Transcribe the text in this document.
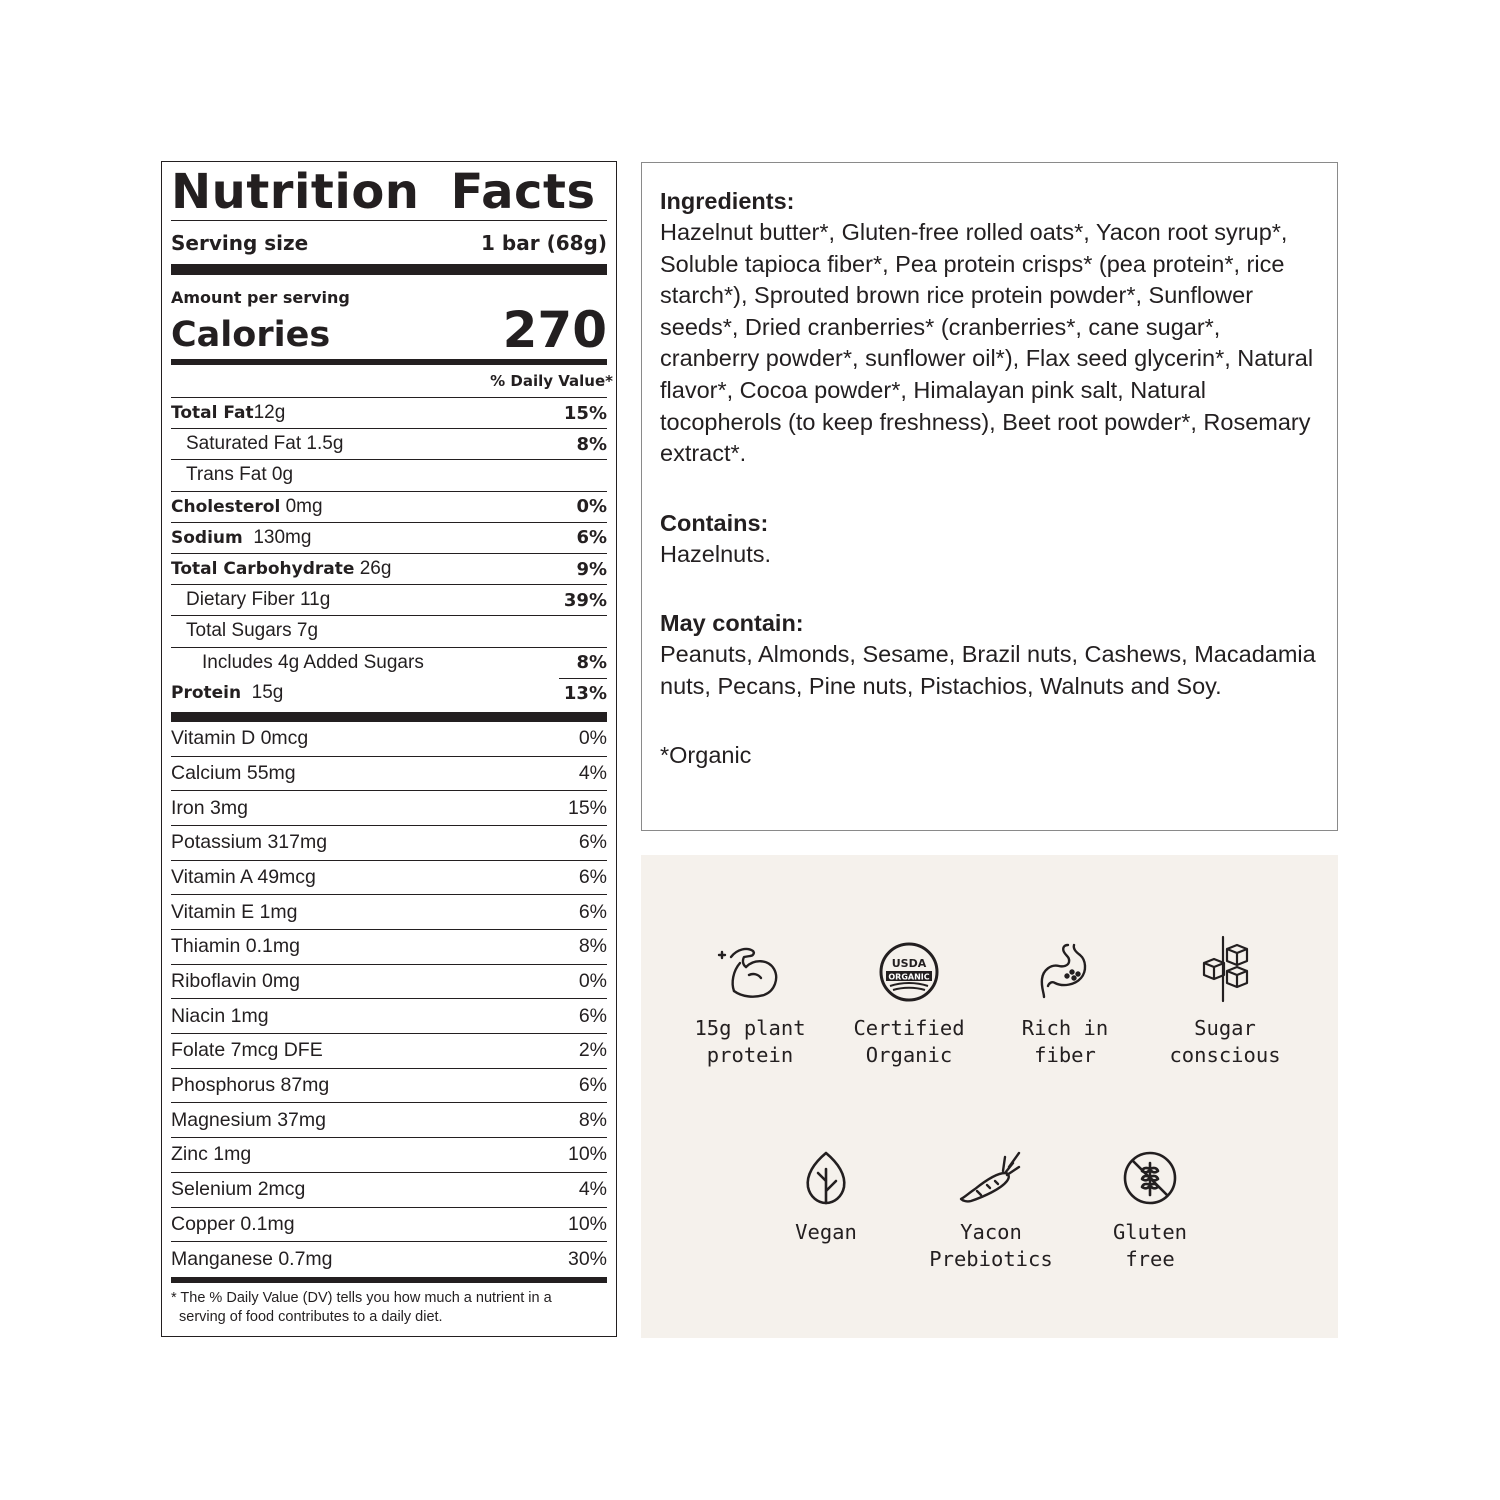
Nutrition Facts
Serving size	1 bar (68g)
Amount per serving
Calories	270
% Daily Value*
Total Fat12g	15%
Saturated Fat 1.5g	8%
Trans Fat 0g
Cholesterol 0mg	0%
Sodium 130mg	6%
Total Carbohydrate 26g	9%
Dietary Fiber 11g	39%
Total Sugars 7g
Includes 4g Added Sugars	8%
Protein 15g	13%
Vitamin D 0mcg	0%
Calcium 55mg	4%
Iron 3mg	15%
Potassium 317mg	6%
Vitamin A 49mcg	6%
Vitamin E 1mg	6%
Thiamin 0.1mg	8%
Riboflavin 0mg	0%
Niacin 1mg	6%
Folate 7mcg DFE	2%
Phosphorus 87mg	6%
Magnesium 37mg	8%
Zinc 1mg	10%
Selenium 2mcg	4%
Copper 0.1mg	10%
Manganese 0.7mg	30%
* The % Daily Value (DV) tells you how much a nutrient in a
serving of food contributes to a daily diet.
Ingredients:

Hazelnut butter*, Gluten-free rolled oats*, Yacon root syrup*, Soluble tapioca fiber*, Pea protein crisps* (pea protein*, rice starch*), Sprouted brown rice protein powder*, Sunflower seeds*, Dried cranberries* (cranberries*, cane sugar*, cranberry powder*, sunflower oil*), Flax seed glycerin*, Natural flavor*, Cocoa powder*, Himalayan pink salt, Natural tocopherols (to keep freshness), Beet root powder*, Rosemary extract*.

Contains:

Hazelnuts.

May contain:

Peanuts, Almonds, Sesame, Brazil nuts, Cashews, Macadamia nuts, Pecans, Pine nuts, Pistachios, Walnuts and Soy.

*Organic

15g plant
protein
USDA
ORGANIC
Certified
Organic
Rich in
fiber
Sugar
conscious
Vegan	Yacon
Prebiotics
Gluten
free
